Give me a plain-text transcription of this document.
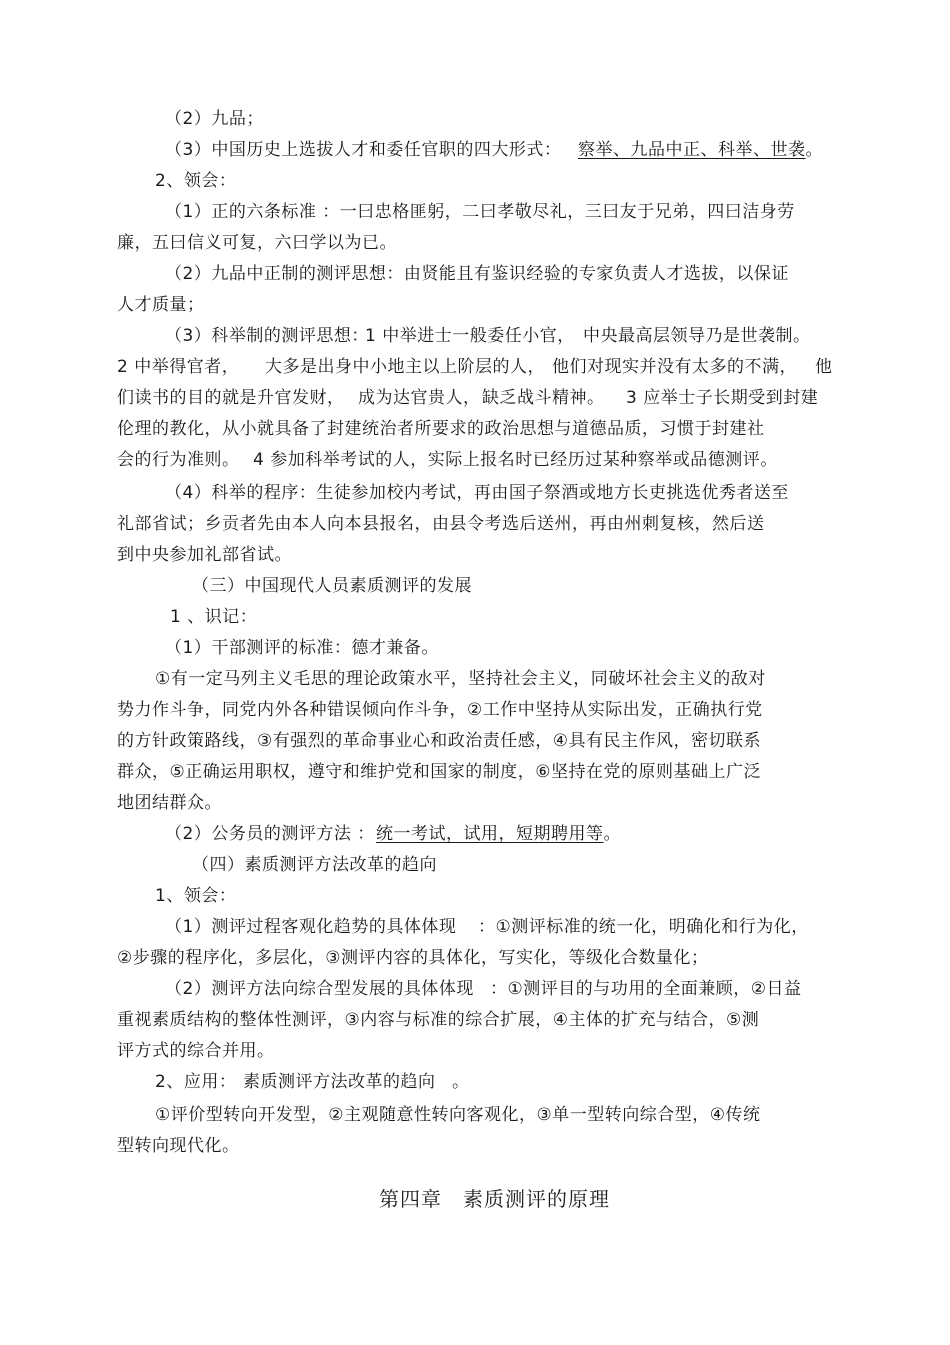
（2）九品；
（3）中国历史上选拔人才和委任官职的四大形式： 察举、九品中正、科举、世袭。
2、领会：
（1）正的六条标准 ：一曰忠格匪躬，二曰孝敬尽礼，三曰友于兄弟，四曰洁身劳
廉，五曰信义可复，六曰学以为已。
（2）九品中正制的测评思想：由贤能且有鉴识经验的专家负责人才选拔，以保证
人才质量；
（3）科举制的测评思想：
1 中举进士一般委任小官， 中央最高层领导乃是世袭制。
2 中举得官者， 大多是出身中小地主以上阶层的人， 他们对现实并没有太多的不满， 他
们读书的目的就是升官发财， 成为达官贵人， 缺乏战斗精神。 3 应举士子长期受到封建
伦理的教化，从小就具备了封建统治者所要求的政治思想与道德品质，习惯于封建社
会的行为准则。 4 参加科举考试的人，实际上报名时已经历过某种察举或品德测评。
（4）科举的程序：生徒参加校内考试，再由国子祭酒或地方长吏挑选优秀者送至
礼部省试；乡贡者先由本人向本县报名，由县令考选后送州，再由州刺复核，然后送
到中央参加礼部省试。
（三）中国现代人员素质测评的发展
1 、识记：
（1）干部测评的标准：德才兼备。
①有一定马列主义毛思的理论政策水平，坚持社会主义，同破坏社会主义的敌对
势力作斗争，同党内外各种错误倾向作斗争，②工作中坚持从实际出发，正确执行党
的方针政策路线，③有强烈的革命事业心和政治责任感，④具有民主作风，密切联系
群众，⑤正确运用职权，遵守和维护党和国家的制度，⑥坚持在党的原则基础上广泛
地团结群众。
（2）公务员的测评方法 ： 统一考试，试用，短期聘用等。
（四）素质测评方法改革的趋向
1、领会：
（1）测评过程客观化趋势的具体体现 ：①测评标准的统一化，明确化和行为化，
②步骤的程序化，多层化，③测评内容的具体化，写实化，等级化合数量化；
（2）测评方法向综合型发展的具体体现 ：①测评目的与功用的全面兼顾，②日益
重视素质结构的整体性测评，③内容与标准的综合扩展，④主体的扩充与结合，⑤测
评方式的综合并用。
2、应用： 素质测评方法改革的趋向 。
①评价型转向开发型，②主观随意性转向客观化，③单一型转向综合型，④传统
型转向现代化。
第四章　素质测评的原理
